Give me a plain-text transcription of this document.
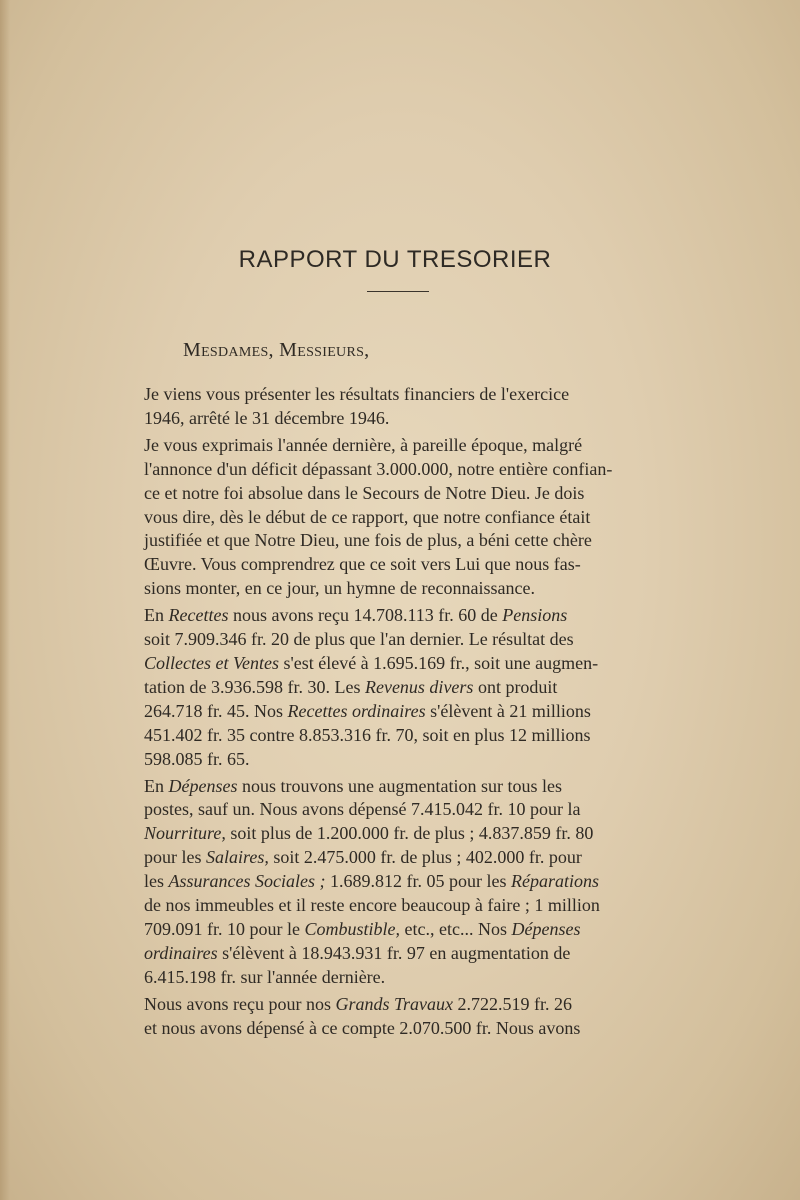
RAPPORT DU TRESORIER
Mesdames, Messieurs,
Je viens vous présenter les résultats financiers de l'exercice
1946, arrêté le 31 décembre 1946.
Je vous exprimais l'année dernière, à pareille époque, malgré
l'annonce d'un déficit dépassant 3.000.000, notre entière confian-
ce et notre foi absolue dans le Secours de Notre Dieu. Je dois
vous dire, dès le début de ce rapport, que notre confiance était
justifiée et que Notre Dieu, une fois de plus, a béni cette chère
Œuvre. Vous comprendrez que ce soit vers Lui que nous fas-
sions monter, en ce jour, un hymne de reconnaissance.
En Recettes nous avons reçu 14.708.113 fr. 60 de Pensions
soit 7.909.346 fr. 20 de plus que l'an dernier. Le résultat des
Collectes et Ventes s'est élevé à 1.695.169 fr., soit une augmen-
tation de 3.936.598 fr. 30. Les Revenus divers ont produit
264.718 fr. 45. Nos Recettes ordinaires s'élèvent à 21 millions
451.402 fr. 35 contre 8.853.316 fr. 70, soit en plus 12 millions
598.085 fr. 65.
En Dépenses nous trouvons une augmentation sur tous les
postes, sauf un. Nous avons dépensé 7.415.042 fr. 10 pour la
Nourriture, soit plus de 1.200.000 fr. de plus ; 4.837.859 fr. 80
pour les Salaires, soit 2.475.000 fr. de plus ; 402.000 fr. pour
les Assurances Sociales ; 1.689.812 fr. 05 pour les Réparations
de nos immeubles et il reste encore beaucoup à faire ; 1 million
709.091 fr. 10 pour le Combustible, etc., etc... Nos Dépenses
ordinaires s'élèvent à 18.943.931 fr. 97 en augmentation de
6.415.198 fr. sur l'année dernière.
Nous avons reçu pour nos Grands Travaux 2.722.519 fr. 26
et nous avons dépensé à ce compte 2.070.500 fr. Nous avons
